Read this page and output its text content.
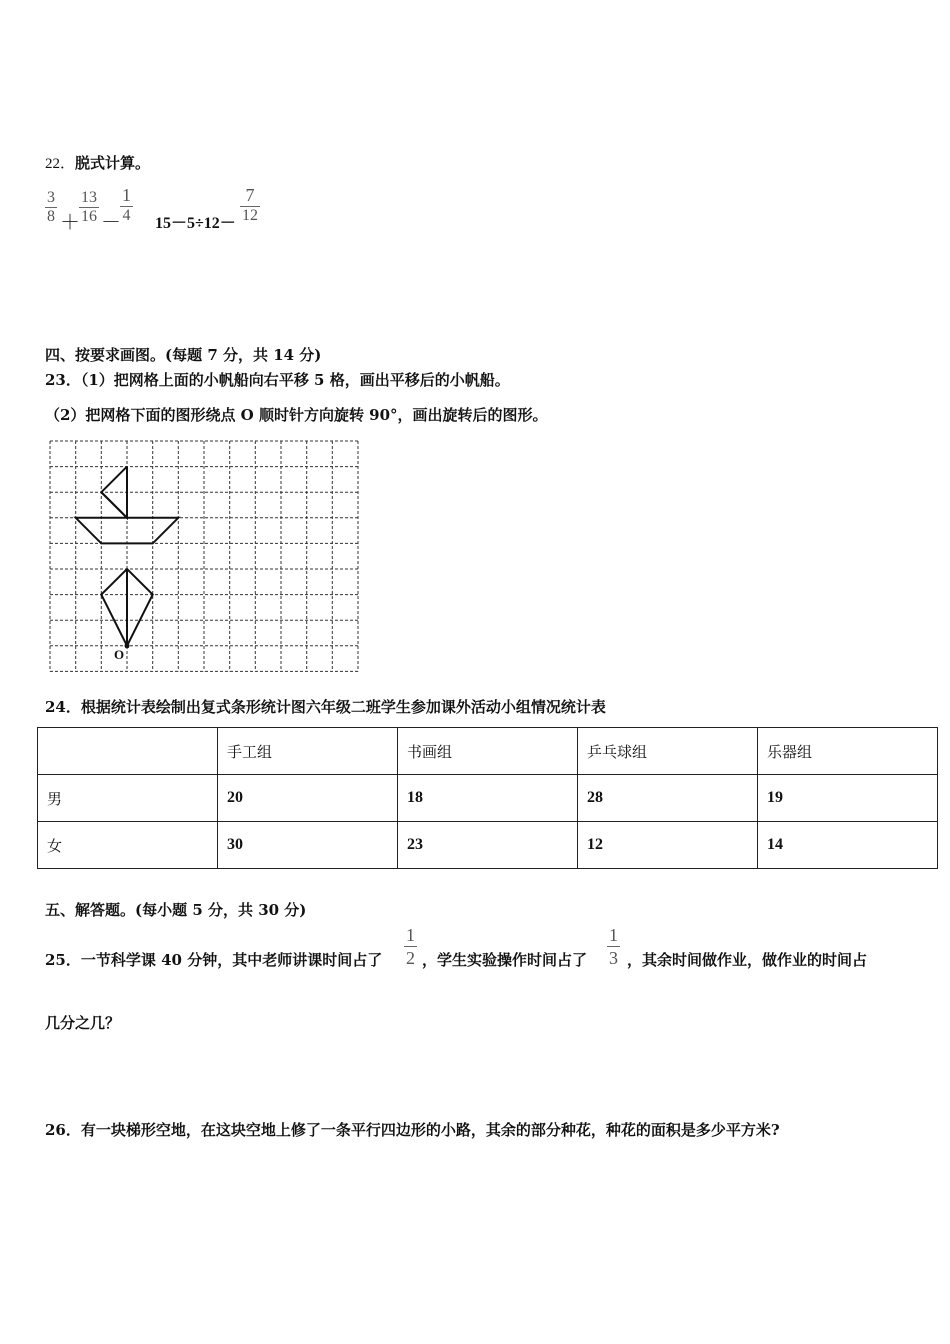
22．脱式计算。
$\frac{3}{8} + \frac{13}{16} - \frac{1}{4} 15-5\div 12- \frac{7}{12}$
四、按要求画图。(每题 7 分，共 14 分)
23．（1）把网格上面的小帆船向右平移 5 格，画出平移后的小帆船。
（2）把网格下面的图形绕点 O 顺时针方向旋转 90°，画出旋转后的图形。
O
24．根据统计表绘制出复式条形统计图六年级二班学生参加课外活动小组情况统计表
	手工组	书画组	乒乓球组	乐器组
男	20	18	28	19
女	30	23	12	14
五、解答题。(每小题 5 分，共 30 分)
25．一节科学课 40 分钟，其中老师讲课时间占了 $\frac{1}{2}$ ，学生实验操作时间占了 $\frac{1}{3}$ ，其余时间做作业，做作业的时间占
几分之几？
26．有一块梯形空地，在这块空地上修了一条平行四边形的小路，其余的部分种花，种花的面积是多少平方米?
